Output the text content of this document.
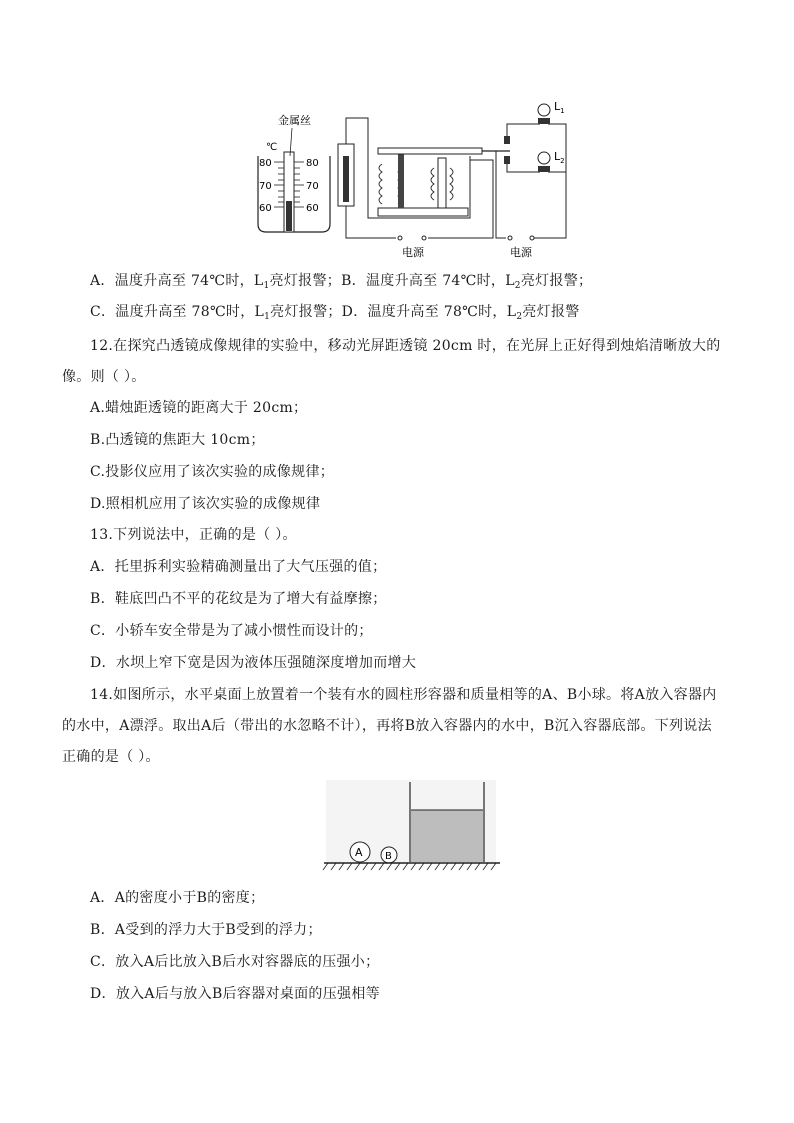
80
70
60
80
70
60
℃
金属丝
电源	电源
$L_1$
$L_2$
A．温度升高至 74℃时，$L_1$亮灯报警；B．温度升高至 74℃时，$L_2$亮灯报警；
C．温度升高至 78℃时，$L_1$亮灯报警；D．温度升高至 78℃时，$L_2$亮灯报警
12.在探究凸透镜成像规律的实验中，移动光屏距透镜 20cm 时，在光屏上正好得到烛焰清晰放大的
像。则（ ）。
A.蜡烛距透镜的距离大于 20cm；
B.凸透镜的焦距大 10cm；
C.投影仪应用了该次实验的成像规律；
D.照相机应用了该次实验的成像规律
13.下列说法中，正确的是（ ）。
A．托里拆利实验精确测量出了大气压强的值；
B．鞋底凹凸不平的花纹是为了增大有益摩擦；
C．小轿车安全带是为了减小惯性而设计的；
D．水坝上窄下宽是因为液体压强随深度增加而增大
14.如图所示，水平桌面上放置着一个装有水的圆柱形容器和质量相等的A、B小球。将A放入容器内
的水中，A漂浮。取出A后（带出的水忽略不计），再将B放入容器内的水中，B沉入容器底部。下列说法
正确的是（ ）。
A B
A．A的密度小于B的密度；
B．A受到的浮力大于B受到的浮力；
C．放入A后比放入B后水对容器底的压强小；
D．放入A后与放入B后容器对桌面的压强相等
